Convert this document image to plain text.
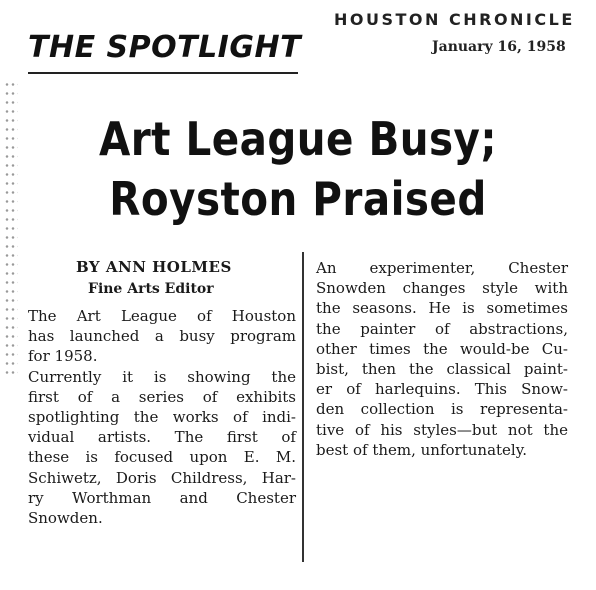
HOUSTON CHRONICLE
January 16, 1958
THE SPOTLIGHT
Art League Busy;
Royston Praised
BY ANN HOLMES
Fine Arts Editor

The Art League of Houston
has launched a busy program
for 1958.

Currently it is showing the
first of a series of exhibits
spotlighting the works of indi-
vidual artists. The first of
these is focused upon E. M.
Schiwetz, Doris Childress, Har-
ry Worthman and Chester
Snowden.

An experimenter, Chester
Snowden changes style with
the seasons. He is sometimes
the painter of abstractions,
other times the would-be Cu-
bist, then the classical paint-
er of harlequins. This Snow-
den collection is representa-
tive of his styles—but not the
best of them, unfortunately.
